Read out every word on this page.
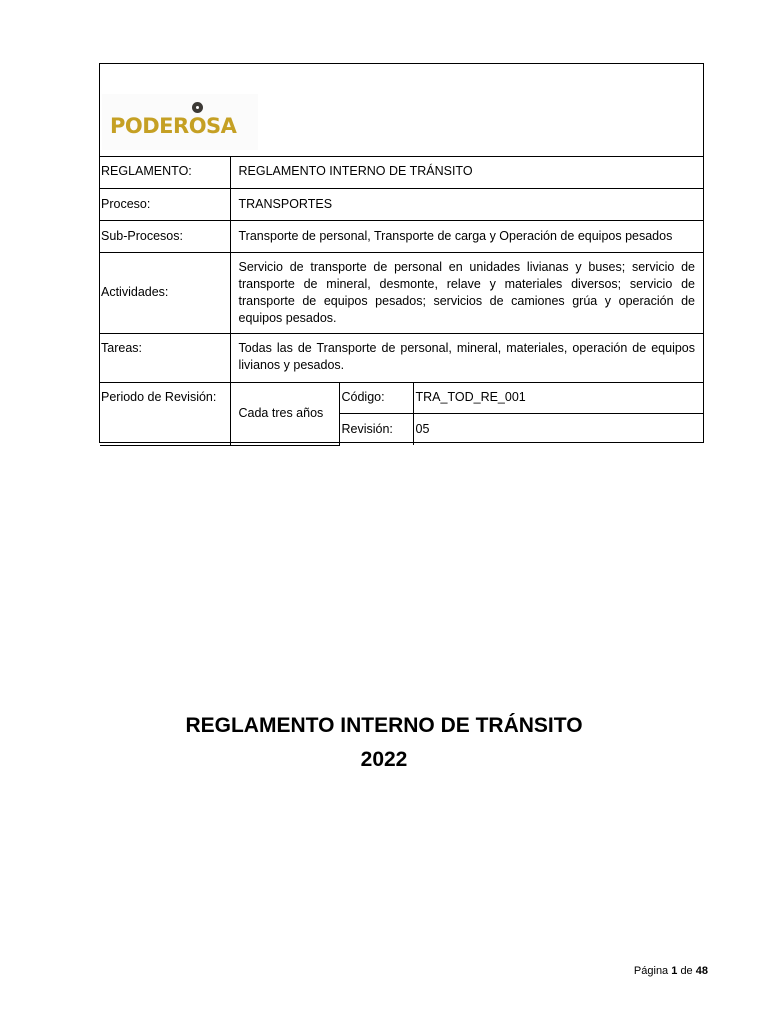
PODEROSA
REGLAMENTO:	REGLAMENTO INTERNO DE TRÁNSITO		
Proceso:	TRANSPORTES		
Sub-Procesos:	Transporte de personal, Transporte de carga y Operación de equipos pesados		
Actividades:	Servicio de transporte de personal en unidades livianas y buses; servicio de transporte de mineral, desmonte, relave y materiales diversos; servicio de transporte de equipos pesados; servicios de camiones grúa y operación de equipos pesados.		
Tareas:	Todas las de Transporte de personal, mineral, materiales, operación de equipos livianos y pesados.		
Periodo de Revisión:	Cada tres años	Código:	TRA_TOD_RE_001
		Revisión:	05
REGLAMENTO INTERNO DE TRÁNSITO
2022
Página 1 de 48
